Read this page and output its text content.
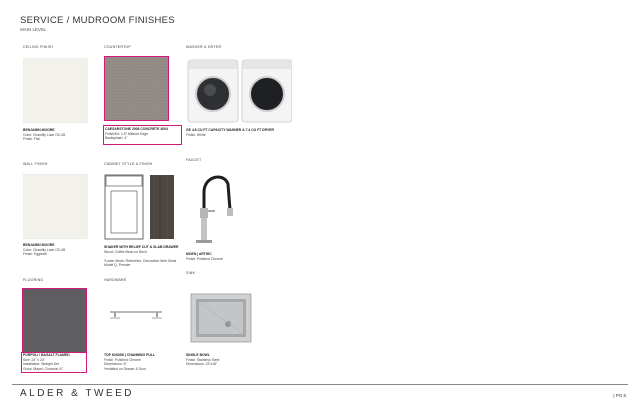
SERVICE / MUDROOM FINISHES
MAIN LEVEL
CEILING FINISH
BENJAMIN MOORE
Color: Chantilly Lace OC-65
Finish: Flat
COUNTERTOP
CAESARSTONE 2008 CONCRETE 4004
Finish/Ed: 1.5" Mitered Edge
Backsplash: 4"
WASHER & DRYER
GE 4.8 CU FT CAPACITY WASHER & 7.4 CU FT DRYER
Finish: White
WALL FINISH
BENJAMIN MOORE
Color: Chantilly Lace OC-65
Finish: Eggshell
CABINET STYLE & FINISH
SHAKER WITH RELIEF CUT & SLAB DRAWER
Wood: Coffee Bean on Birch

*Lower Mods: Refreshes, Decorative Wire Mods
Model Q. Premier
FAUCET
MOEN | ARTHIC
Finish: Polished Chrome
FLOORING
PORPOLI / BASALT FLAMED
Size: 24" x 24"
Installation: Straight Set
Grout: Mapei, Charcoal 47
HARDWARE
TOP KNOBS | CHANNING PULL
Finish: Polished Chrome
Dimensions: 6"
*Installed on Drawer & Door
SINK
SINGLE BOWL
Finish: Stainless Steel
Dimensions: 23"x18"
ALDER & TWEED	| PG 6
